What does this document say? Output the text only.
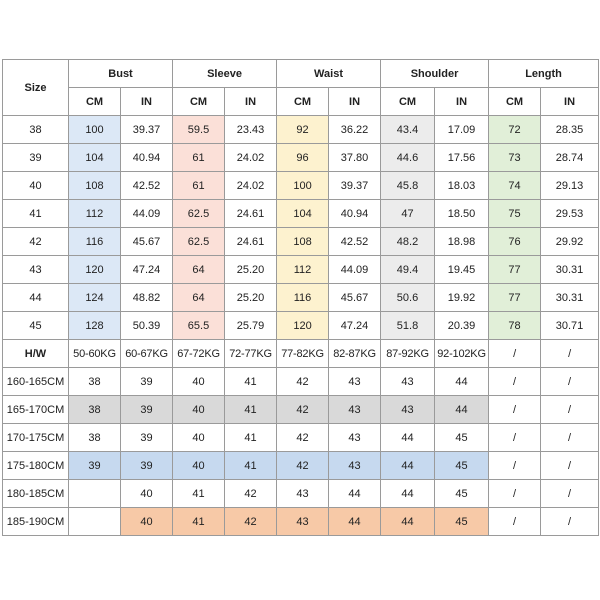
Size	Bust		Sleeve		Waist		Shoulder		Length	
	CM	IN	CM	IN	CM	IN	CM	IN	CM	IN
38	100	39.37	59.5	23.43	92	36.22	43.4	17.09	72	28.35
39	104	40.94	61	24.02	96	37.80	44.6	17.56	73	28.74
40	108	42.52	61	24.02	100	39.37	45.8	18.03	74	29.13
41	112	44.09	62.5	24.61	104	40.94	47	18.50	75	29.53
42	116	45.67	62.5	24.61	108	42.52	48.2	18.98	76	29.92
43	120	47.24	64	25.20	112	44.09	49.4	19.45	77	30.31
44	124	48.82	64	25.20	116	45.67	50.6	19.92	77	30.31
45	128	50.39	65.5	25.79	120	47.24	51.8	20.39	78	30.71
H/W	50-60KG	60-67KG	67-72KG	72-77KG	77-82KG	82-87KG	87-92KG	92-102KG	/	/
160-165CM	38	39	40	41	42	43	43	44	/	/
165-170CM	38	39	40	41	42	43	43	44	/	/
170-175CM	38	39	40	41	42	43	44	45	/	/
175-180CM	39	39	40	41	42	43	44	45	/	/
180-185CM		40	41	42	43	44	44	45	/	/
185-190CM		40	41	42	43	44	44	45	/	/
